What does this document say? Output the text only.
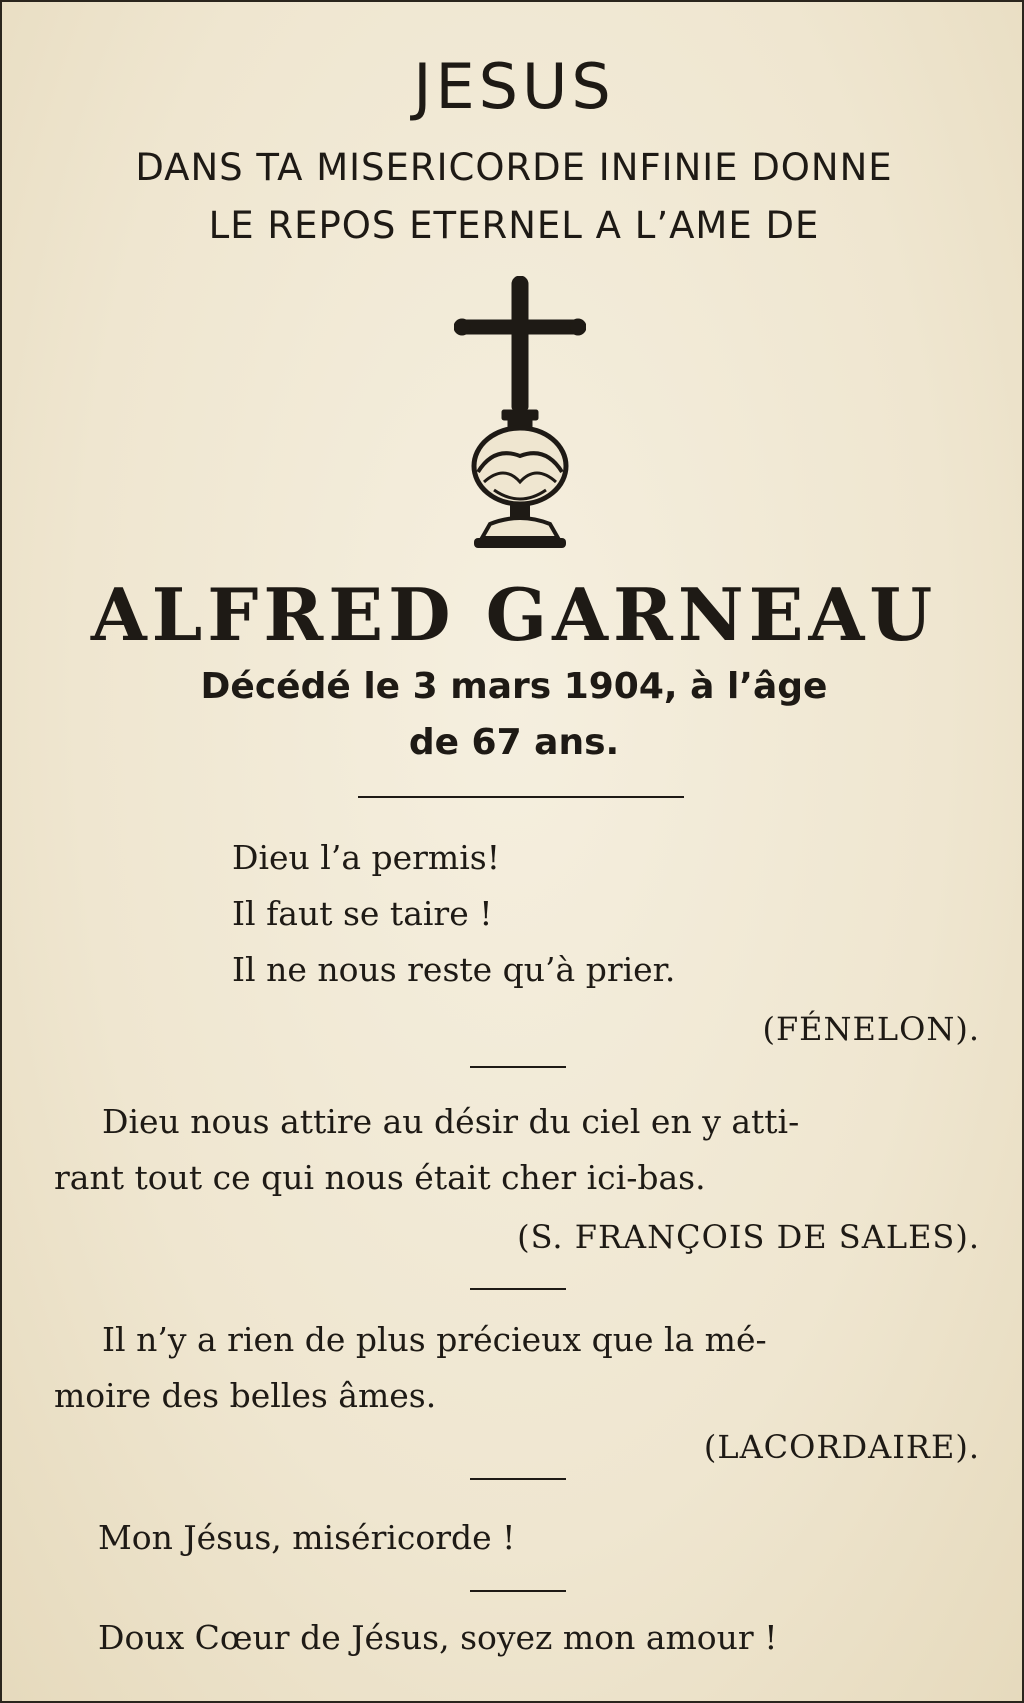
JESUS
DANS TA MISERICORDE INFINIE DONNE
LE REPOS ETERNEL A L’AME DE
ALFRED GARNEAU
Décédé le 3 mars 1904, à l’âge
de 67 ans.
Dieu l’a permis!
Il faut se taire !
Il ne nous reste qu’à prier.
(FÉNELON).
Dieu nous attire au désir du ciel en y atti-
rant tout ce qui nous était cher ici-bas.
(S. FRANÇOIS DE SALES).
Il n’y a rien de plus précieux que la mé-
moire des belles âmes.
(LACORDAIRE).
Mon Jésus, miséricorde !
Doux Cœur de Jésus, soyez mon amour !
